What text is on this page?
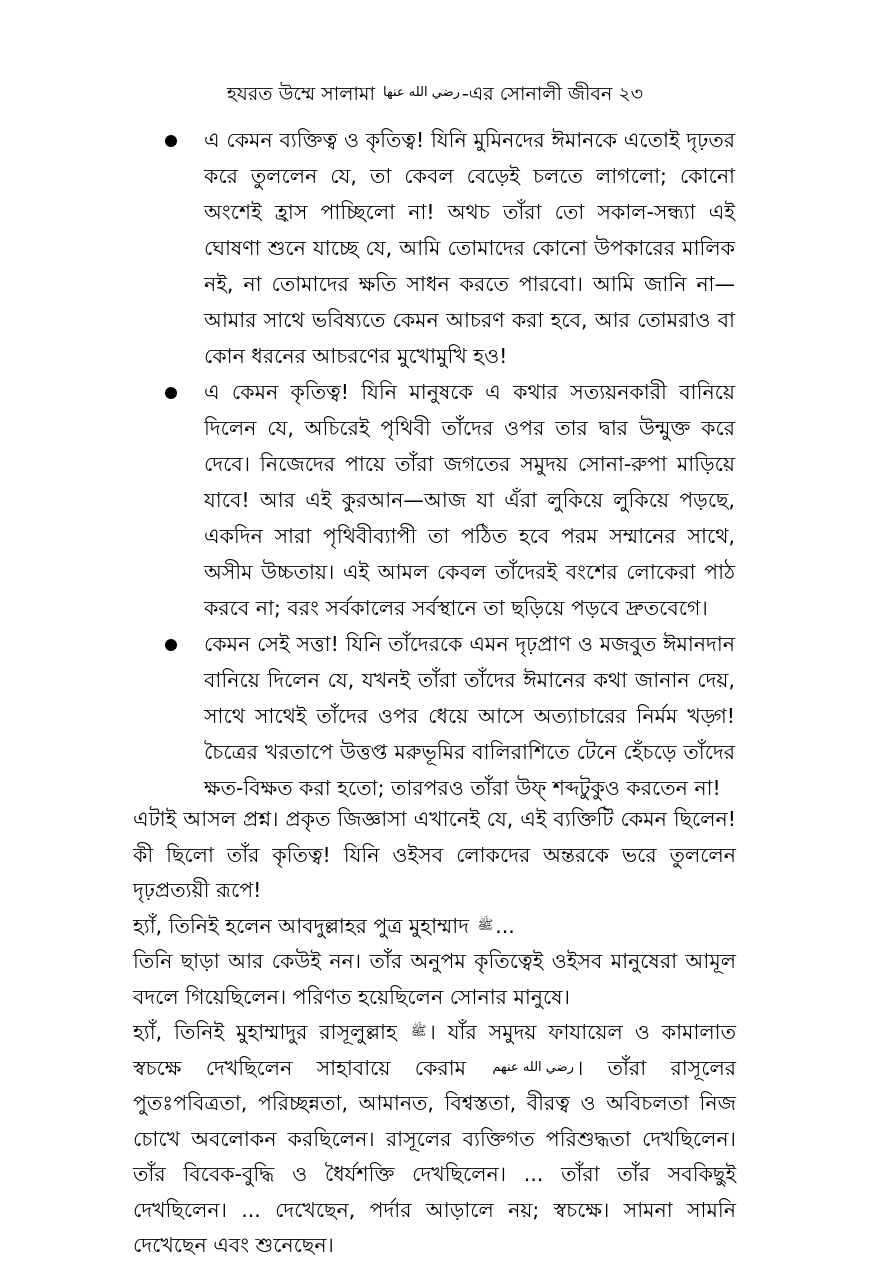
হযরত উম্মে সালামা رضي الله عنها -এর সোনালী জীবন ২৩
এ কেমন ব্যক্তিত্ব ও কৃতিত্ব! যিনি মুমিনদের ঈমানকে এতোই দৃঢ়তর করে তুললেন যে, তা কেবল বেড়েই চলতে লাগলো; কোনো অংশেই হ্রাস পাচ্ছিলো না! অথচ তাঁরা তো সকাল-সন্ধ্যা এই ঘোষণা শুনে যাচ্ছে যে, আমি তোমাদের কোনো উপকারের মালিক নই, না তোমাদের ক্ষতি সাধন করতে পারবো। আমি জানি না—আমার সাথে ভবিষ্যতে কেমন আচরণ করা হবে, আর তোমরাও বা কোন ধরনের আচরণের মুখোমুখি হও!
এ কেমন কৃতিত্ব! যিনি মানুষকে এ কথার সত্যয়নকারী বানিয়ে দিলেন যে, অচিরেই পৃথিবী তাঁদের ওপর তার দ্বার উন্মুক্ত করে দেবে। নিজেদের পায়ে তাঁরা জগতের সমুদয় সোনা-রুপা মাড়িয়ে যাবে! আর এই কুরআন—আজ যা এঁরা লুকিয়ে লুকিয়ে পড়ছে, একদিন সারা পৃথিবীব্যাপী তা পঠিত হবে পরম সম্মানের সাথে, অসীম উচ্চতায়। এই আমল কেবল তাঁদেরই বংশের লোকেরা পাঠ করবে না; বরং সর্বকালের সর্বস্থানে তা ছড়িয়ে পড়বে দ্রুতবেগে।
কেমন সেই সত্তা! যিনি তাঁদেরকে এমন দৃঢ়প্রাণ ও মজবুত ঈমানদান বানিয়ে দিলেন যে, যখনই তাঁরা তাঁদের ঈমানের কথা জানান দেয়, সাথে সাথেই তাঁদের ওপর ধেয়ে আসে অত্যাচারের নির্মম খড়্গ! চৈত্রের খরতাপে উত্তপ্ত মরুভূমির বালিরাশিতে টেনে হেঁচড়ে তাঁদের ক্ষত-বিক্ষত করা হতো; তারপরও তাঁরা উফ্ শব্দটুকুও করতেন না!

এটাই আসল প্রশ্ন। প্রকৃত জিজ্ঞাসা এখানেই যে, এই ব্যক্তিটি কেমন ছিলেন! কী ছিলো তাঁর কৃতিত্ব! যিনি ওইসব লোকদের অন্তরকে ভরে তুললেন দৃঢ়প্রত্যয়ী রূপে!

হ্যাঁ, তিনিই হলেন আবদুল্লাহর পুত্র মুহাম্মাদ ﷺ...

তিনি ছাড়া আর কেউই নন। তাঁর অনুপম কৃতিত্বেই ওইসব মানুষেরা আমূল বদলে গিয়েছিলেন। পরিণত হয়েছিলেন সোনার মানুষে।

হ্যাঁ, তিনিই মুহাম্মাদুর রাসূলুল্লাহ ﷺ। যাঁর সমুদয় ফাযায়েল ও কামালাত স্বচক্ষে দেখছিলেন সাহাবায়ে কেরাম رضي الله عنهم। তাঁরা রাসূলের পুতঃপবিত্রতা, পরিচ্ছন্নতা, আমানত, বিশ্বস্ততা, বীরত্ব ও অবিচলতা নিজ চোখে অবলোকন করছিলেন। রাসূলের ব্যক্তিগত পরিশুদ্ধতা দেখছিলেন। তাঁর বিবেক-বুদ্ধি ও ধৈর্যশক্তি দেখছিলেন। ... তাঁরা তাঁর সবকিছুই দেখছিলেন। ... দেখেছেন, পর্দার আড়ালে নয়; স্বচক্ষে। সামনা সামনি দেখেছেন এবং শুনেছেন।
